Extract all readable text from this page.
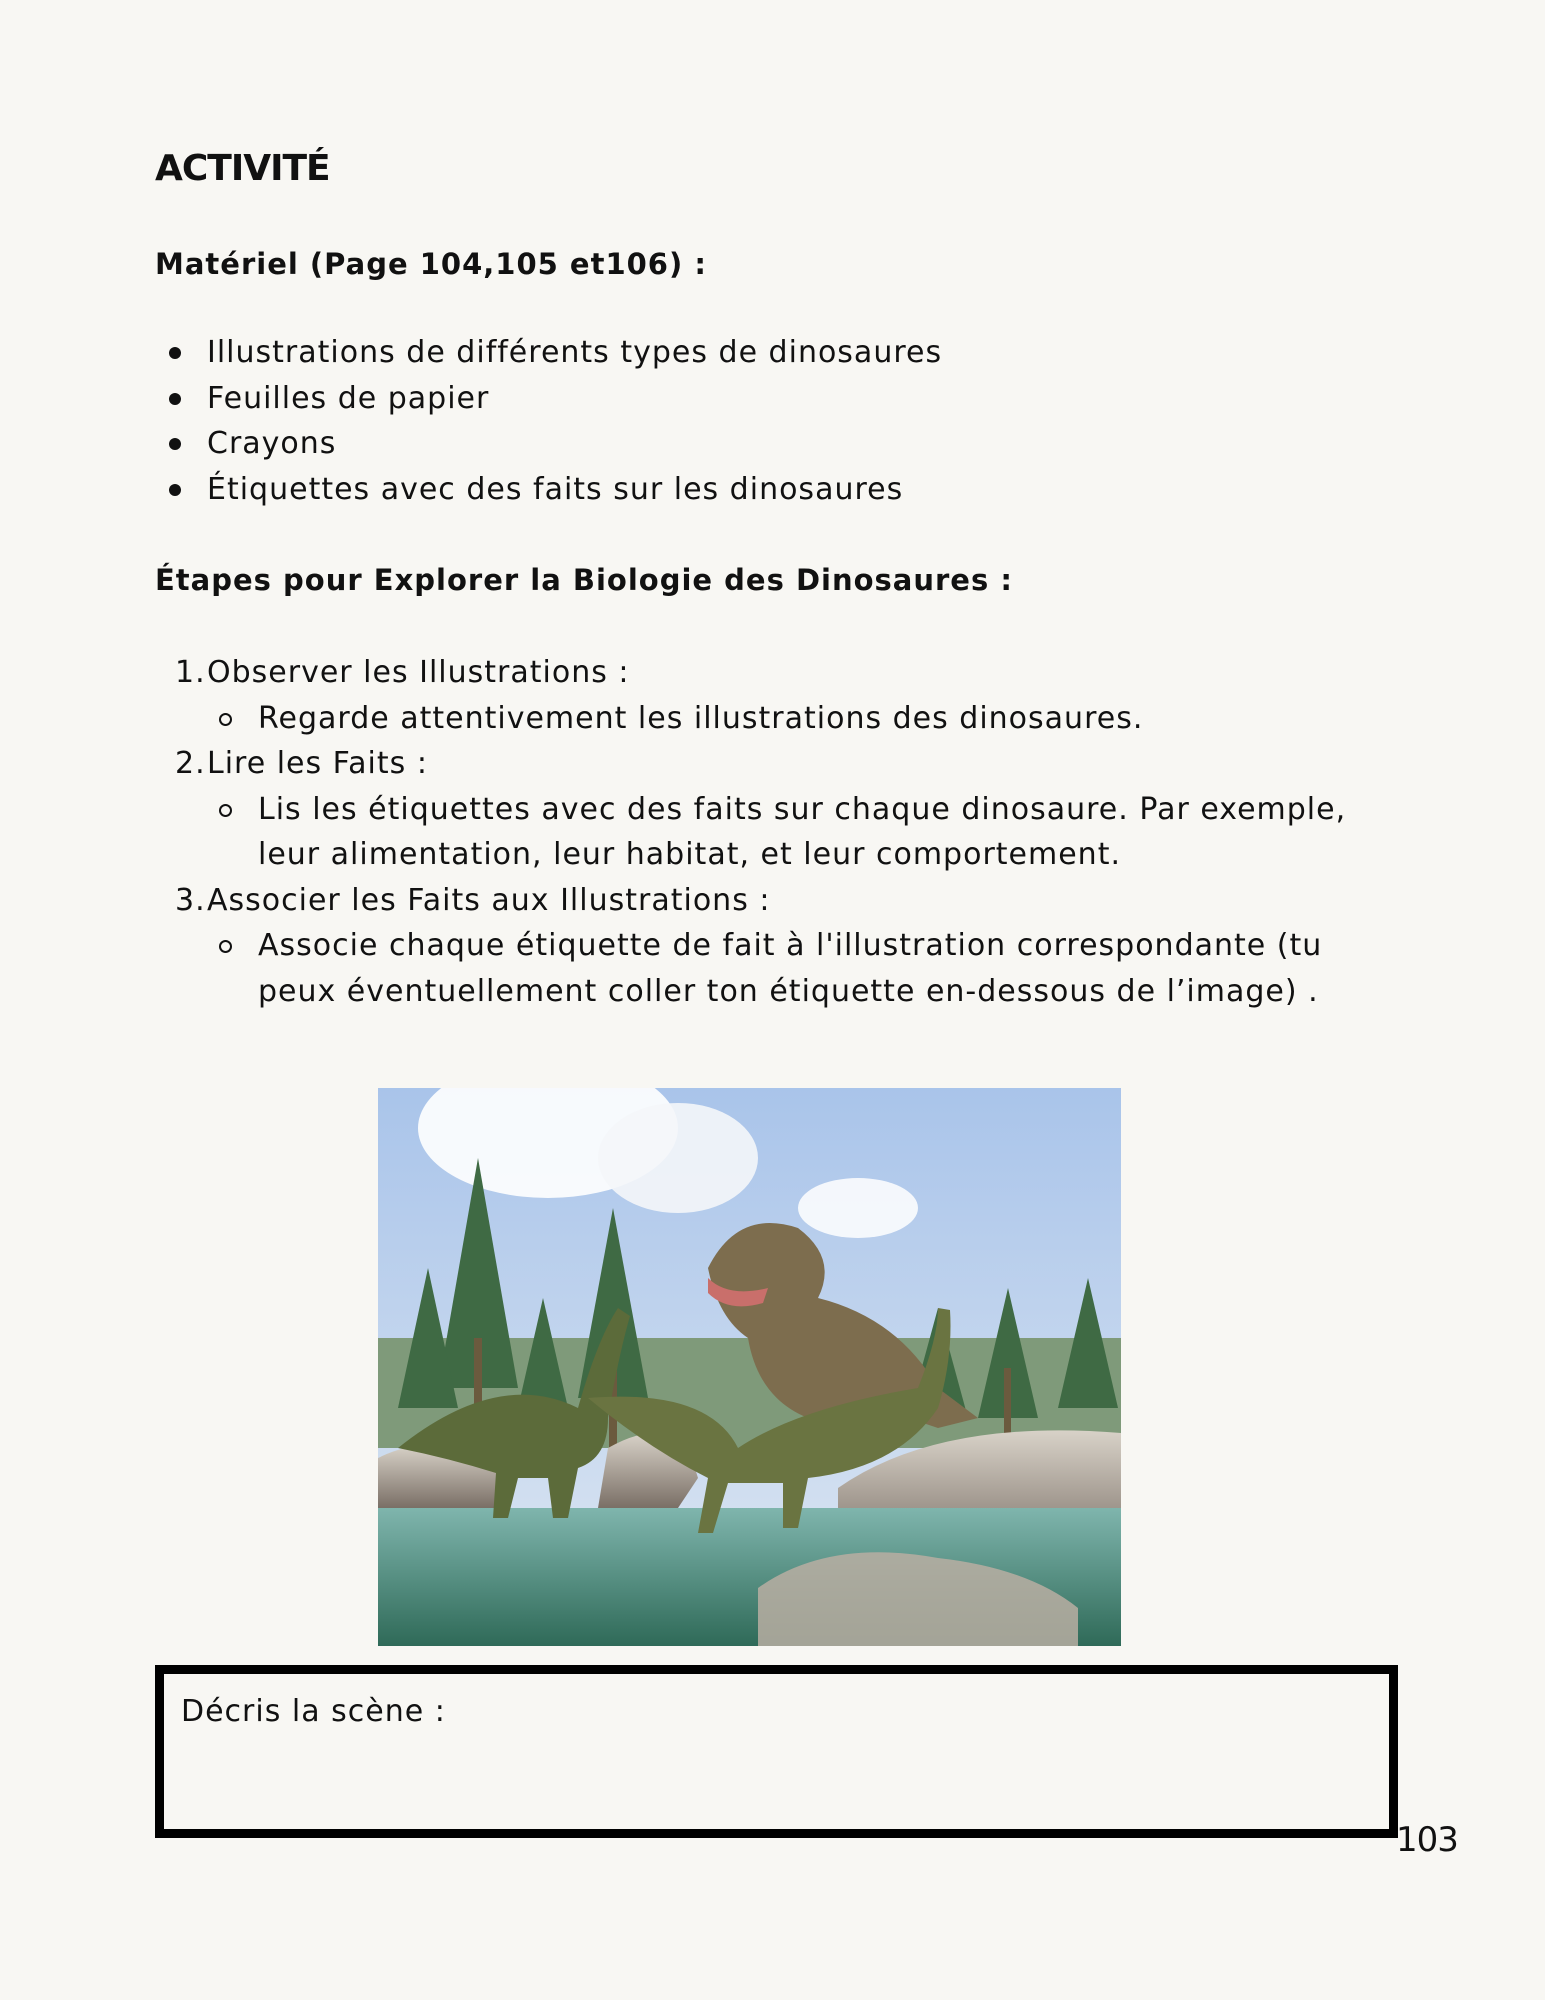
ACTIVITÉ
Matériel (Page 104,105 et106) :
Illustrations de différents types de dinosaures
Feuilles de papier
Crayons
Étiquettes avec des faits sur les dinosaures
Étapes pour Explorer la Biologie des Dinosaures :
1. Observer les Illustrations :
Regarde attentivement les illustrations des dinosaures.
2. Lire les Faits :
Lis les étiquettes avec des faits sur chaque dinosaure. Par exemple, leur alimentation, leur habitat, et leur comportement.
3. Associer les Faits aux Illustrations :
Associe chaque étiquette de fait à l'illustration correspondante (tu peux éventuellement coller ton étiquette en-dessous de l’image) .
Décris la scène :
103
